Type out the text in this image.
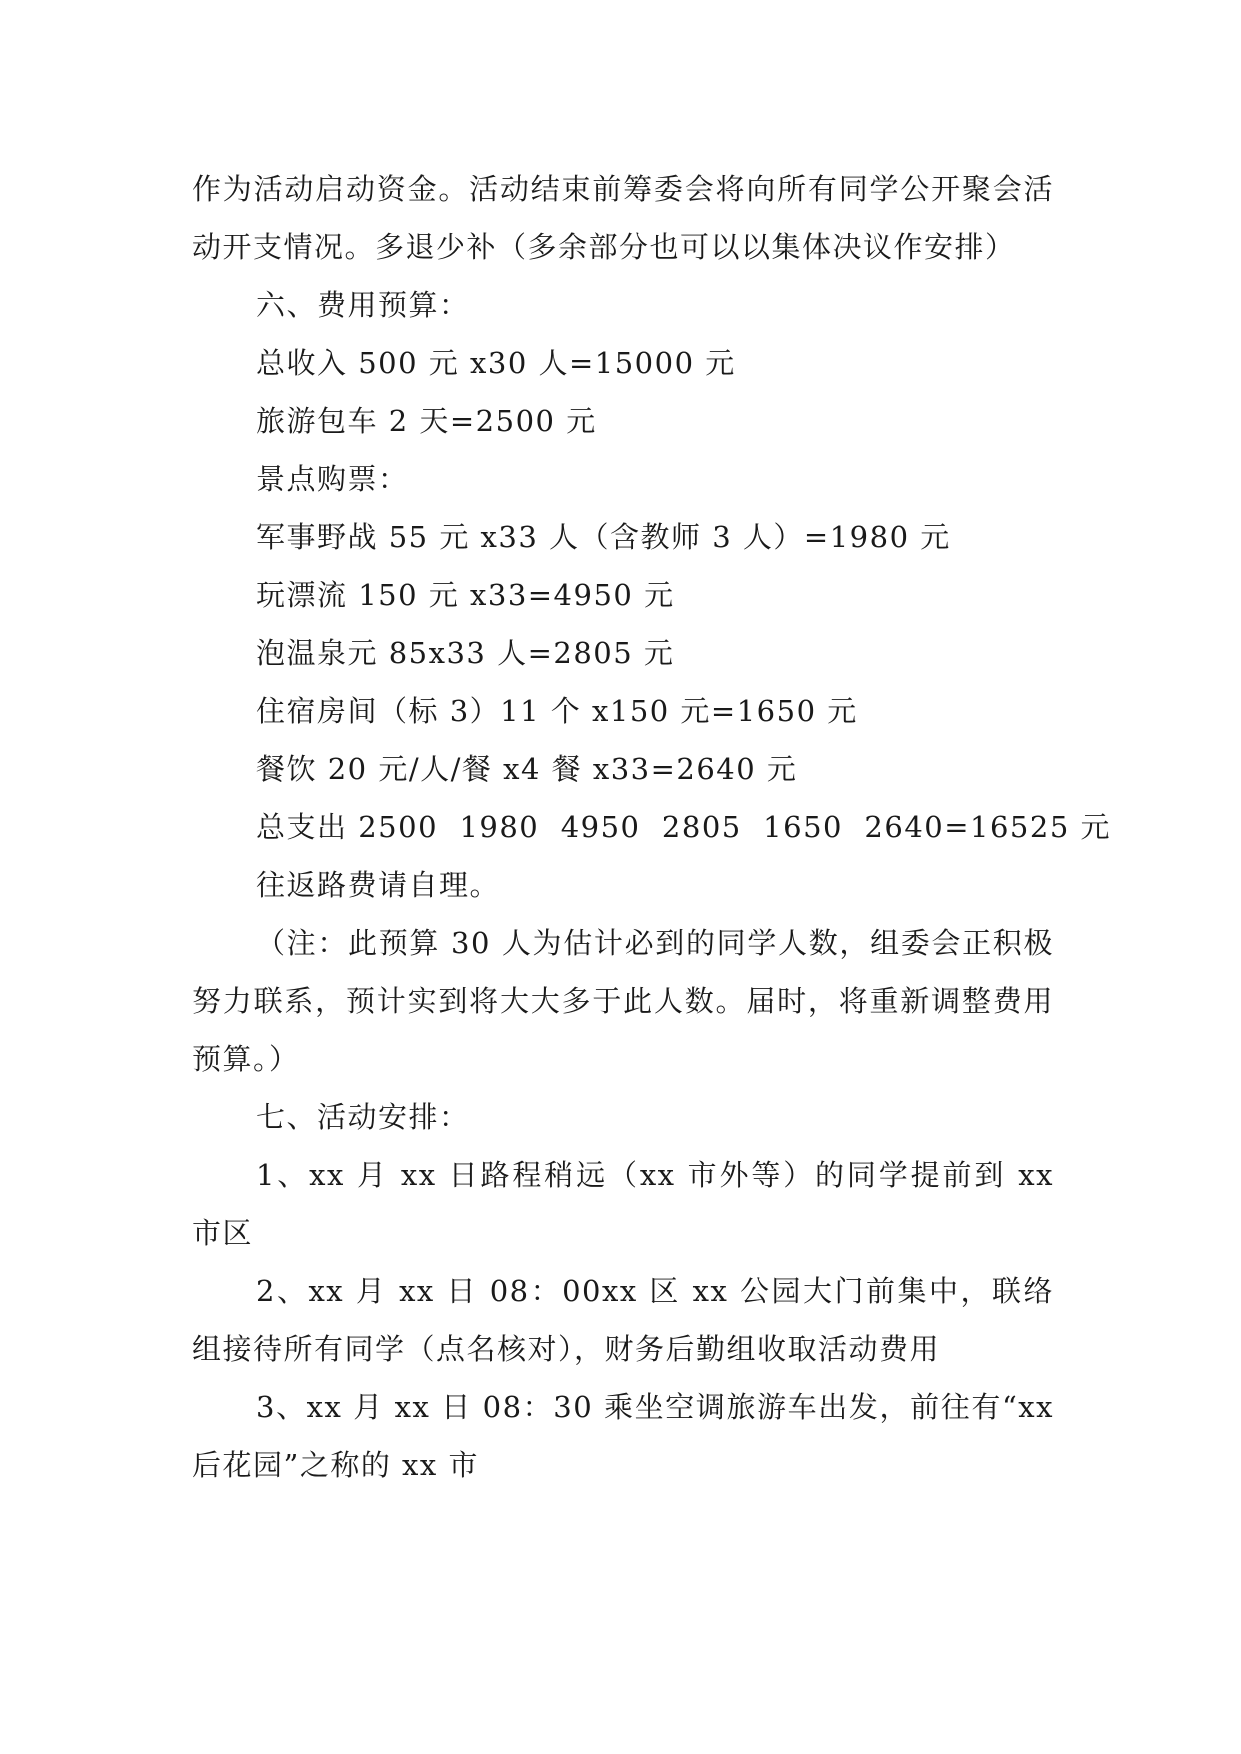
作为活动启动资金。活动结束前筹委会将向所有同学公开聚会活动开支情况。多退少补（多余部分也可以以集体决议作安排）

六、费用预算：

总收入 500 元 x30 人=15000 元

旅游包车 2 天=2500 元

景点购票：

军事野战 55 元 x33 人（含教师 3 人）=1980 元

玩漂流 150 元 x33=4950 元

泡温泉元 85x33 人=2805 元

住宿房间（标 3）11 个 x150 元=1650 元

餐饮 20 元/人/餐 x4 餐 x33=2640 元

总支出 2500  1980  4950  2805  1650  2640=16525 元

往返路费请自理。

（注：此预算 30 人为估计必到的同学人数，组委会正积极努力联系，预计实到将大大多于此人数。届时，将重新调整费用预算。）

七、活动安排：

1、xx 月 xx 日路程稍远（xx 市外等）的同学提前到 xx 市区

2、xx 月 xx 日 08：00xx 区 xx 公园大门前集中，联络组接待所有同学（点名核对），财务后勤组收取活动费用

3、xx 月 xx 日 08：30 乘坐空调旅游车出发，前往有“xx 后花园”之称的 xx 市
